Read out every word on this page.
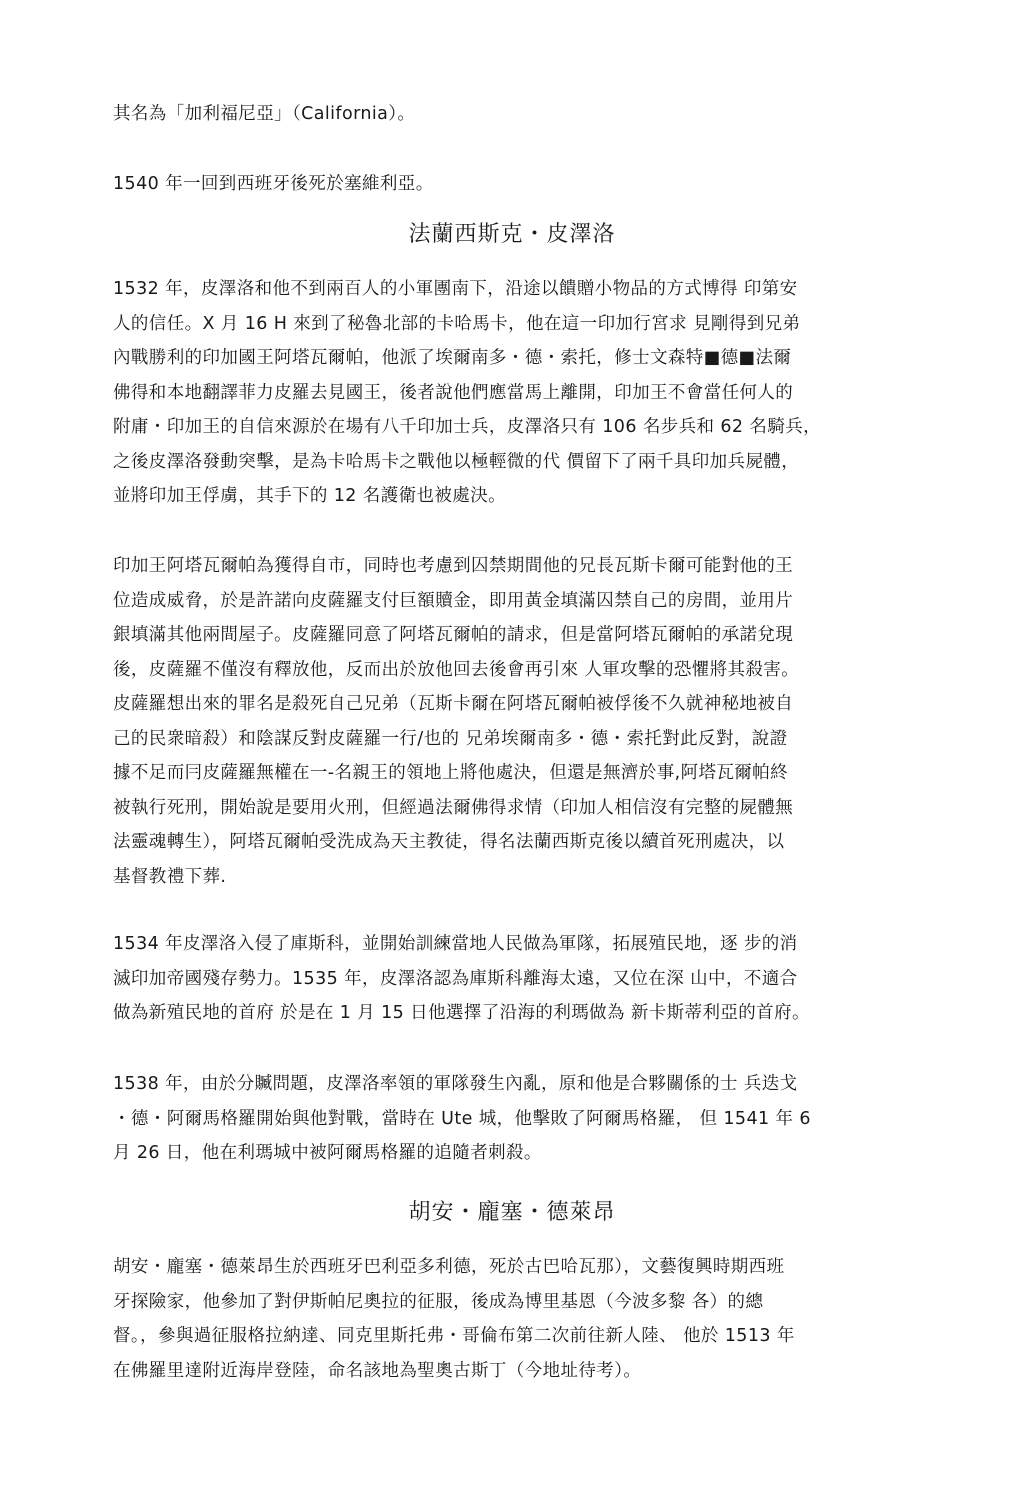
其名為「加利福尼亞」（California）。

1540 年一回到西班牙後死於塞維利亞。

法蘭西斯克・皮澤洛

1532 年，皮澤洛和他不到兩百人的小軍團南下，沿途以饋贈小物品的方式博得 印第安
人的信任。X 月 16 H 來到了秘魯北部的卡哈馬卡，他在這一印加行宮求 見剛得到兄弟
內戰勝利的印加國王阿塔瓦爾帕，他派了埃爾南多・德・索托，修士文森特■德■法爾
佛得和本地翻譯菲力皮羅去見國王，後者說他們應當馬上離開，印加王不會當任何人的
附庸・印加王的自信來源於在場有八千印加士兵，皮澤洛只有 106 名步兵和 62 名騎兵，
之後皮澤洛發動突擊，是為卡哈馬卡之戰他以極輕微的代 價留下了兩千具印加兵屍體，
並將印加王俘虜，其手下的 12 名護衛也被處決。

印加王阿塔瓦爾帕為獲得自市，同時也考慮到囚禁期間他的兄長瓦斯卡爾可能對他的王
位造成威脅，於是許諾向皮薩羅支付巨額贖金，即用黃金填滿囚禁自己的房間，並用片
銀填滿其他兩間屋子。皮薩羅同意了阿塔瓦爾帕的請求，但是當阿塔瓦爾帕的承諾兌現
後，皮薩羅不僅沒有釋放他，反而出於放他回去後會再引來 人軍攻擊的恐懼將其殺害。
皮薩羅想出來的罪名是殺死自己兄弟（瓦斯卡爾在阿塔瓦爾帕被俘後不久就神秘地被自
己的民衆暗殺）和陰謀反對皮薩羅一行/也的 兄弟埃爾南多・德・索托對此反對，說證
據不足而冃皮薩羅無權在一-名親王的領地上將他處決，但還是無濟於事,阿塔瓦爾帕終
被執行死刑，開始說是要用火刑，但經過法爾佛得求情（印加人相信沒有完整的屍體無
法靈魂轉生），阿塔瓦爾帕受洗成為天主教徒，得名法蘭西斯克後以續首死刑處决，以
基督教禮下葬.

1534 年皮澤洛入侵了庫斯科，並開始訓練當地人民做為軍隊，拓展殖民地，逐 步的消
滅印加帝國殘存勢力。1535 年，皮澤洛認為庫斯科離海太遠，又位在深 山中，不適合
做為新殖民地的首府 於是在 1 月 15 日他選擇了沿海的利瑪做為 新卡斯蒂利亞的首府。

1538 年，由於分贓問題，皮澤洛率領的軍隊發生內亂，原和他是合夥關係的士 兵迭戈
・德・阿爾馬格羅開始與他對戰，當時在 Ute 城，他擊敗了阿爾馬格羅， 但 1541 年 6
月 26 日，他在利瑪城中被阿爾馬格羅的追隨者刺殺。

胡安・龐塞・德萊昂

胡安・龐塞・德萊昂生於西班牙巴利亞多利德，死於古巴哈瓦那），文藝復興時期西班
牙探險家，他參加了對伊斯帕尼奧拉的征服，後成為博里基恩（今波多黎 各）的總
督。，參與過征服格拉納達、同克里斯托弗・哥倫布第二次前往新人陸、 他於 1513 年
在佛羅里達附近海岸登陸，命名該地為聖奧古斯丁（今地址待考）。
